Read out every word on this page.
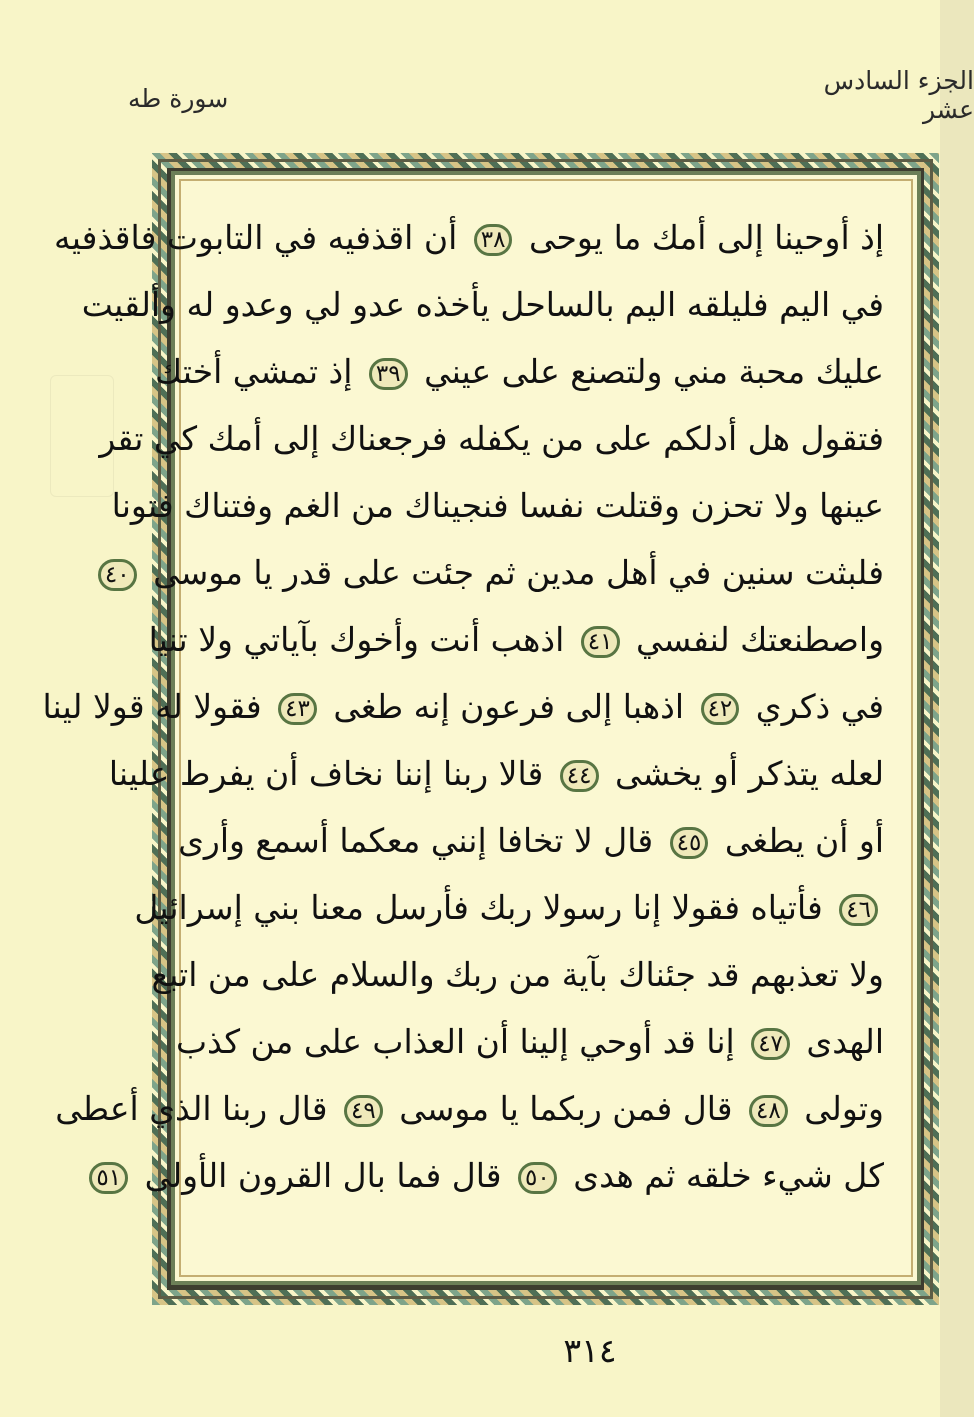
سورة طه
الجزء السادس عشر
إذ أوحينا إلى أمك ما يوحى ٣٨ أن اقذفيه في التابوت فاقذفيه
في اليم فليلقه اليم بالساحل يأخذه عدو لي وعدو له وألقيت
عليك محبة مني ولتصنع على عيني ٣٩ إذ تمشي أختك
فتقول هل أدلكم على من يكفله فرجعناك إلى أمك كي تقر
عينها ولا تحزن وقتلت نفسا فنجيناك من الغم وفتناك فتونا
فلبثت سنين في أهل مدين ثم جئت على قدر يا موسى ٤٠
واصطنعتك لنفسي ٤١ اذهب أنت وأخوك بآياتي ولا تنيا
في ذكري ٤٢ اذهبا إلى فرعون إنه طغى ٤٣ فقولا له قولا لينا
لعله يتذكر أو يخشى ٤٤ قالا ربنا إننا نخاف أن يفرط علينا
أو أن يطغى ٤٥ قال لا تخافا إنني معكما أسمع وأرى
٤٦ فأتياه فقولا إنا رسولا ربك فأرسل معنا بني إسرائيل
ولا تعذبهم قد جئناك بآية من ربك والسلام على من اتبع
الهدى ٤٧ إنا قد أوحي إلينا أن العذاب على من كذب
وتولى ٤٨ قال فمن ربكما يا موسى ٤٩ قال ربنا الذي أعطى
كل شيء خلقه ثم هدى ٥٠ قال فما بال القرون الأولى ٥١
٣١٤
